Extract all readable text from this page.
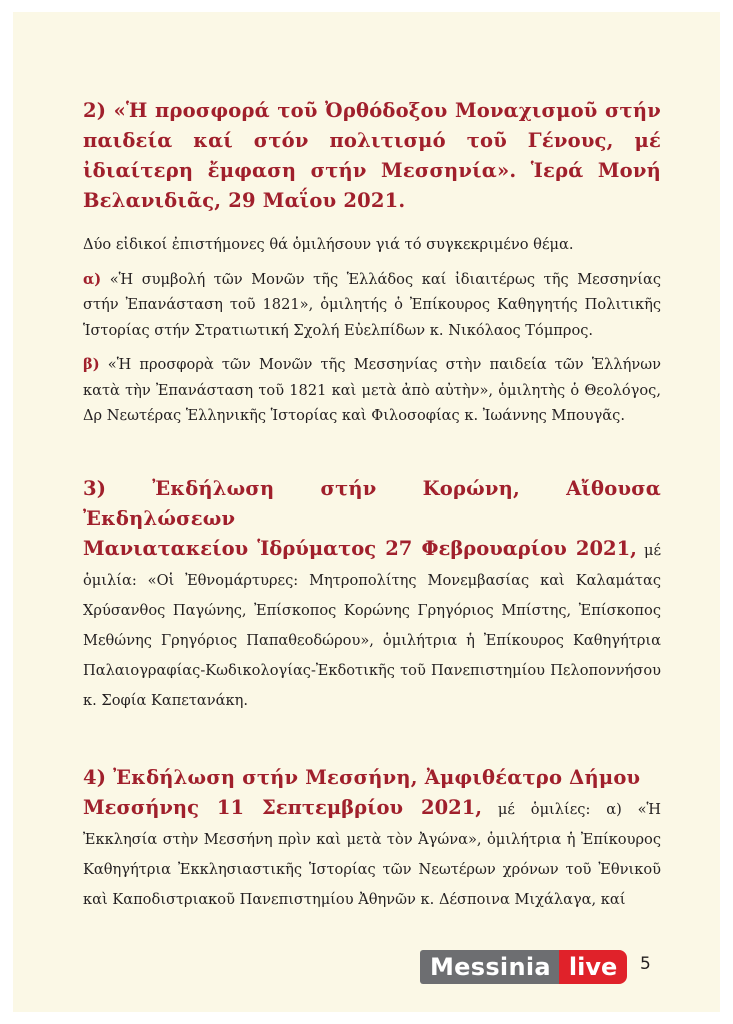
2) «Ἡ προσφορά τοῦ Ὀρθόδοξου Μοναχισμοῦ στήν παιδεία καί στόν πολιτισμό τοῦ Γένους, μέ ἰδιαίτερη ἔμφαση στήν Μεσσηνία». Ἱερά Μονή Βελανιδιᾶς, 29 Μαΐου 2021.

Δύο εἰδικοί ἐπιστήμονες θά ὁμιλήσουν γιά τό συγκεκριμένο θέμα.

α) «Ἡ συμβολή τῶν Μονῶν τῆς Ἑλλάδος καί ἰδιαιτέρως τῆς Μεσσηνίας στήν Ἐπανάσταση τοῦ 1821», ὁμιλητής ὁ Ἐπίκουρος Καθηγητής Πολιτικῆς Ἱστορίας στήν Στρατιωτική Σχολή Εὐελπίδων κ. Νικόλαος Τόμπρος.

β) «Ἡ προσφορὰ τῶν Μονῶν τῆς Μεσσηνίας στὴν παιδεία τῶν Ἑλλήνων κατὰ τὴν Ἐπανάσταση τοῦ 1821 καὶ μετὰ ἀπὸ αὐτὴν», ὁμιλητὴς ὁ Θεολόγος, Δρ Νεωτέρας Ἑλληνικῆς Ἱστορίας καὶ Φιλοσοφίας κ. Ἰωάννης Μπουγᾶς.

3) Ἐκδήλωση στήν Κορώνη, Αἴθουσα Ἐκδηλώσεων

Μανιατακείου Ἱδρύματος 27 Φεβρουαρίου 2021, μέ ὁμιλία: «Οἱ Ἐθνομάρτυρες: Μητροπολίτης Μονεμβασίας καὶ Καλαμάτας Χρύσανθος Παγώνης, Ἐπίσκοπος Κορώνης Γρηγόριος Μπίστης, Ἐπίσκοπος Μεθώνης Γρηγόριος Παπαθεοδώρου», ὁμιλήτρια ἡ Ἐπίκουρος Καθηγήτρια Παλαιογραφίας-Κωδικολογίας-Ἐκδοτικῆς τοῦ Πανεπιστημίου Πελοποννήσου κ. Σοφία Καπετανάκη.

4) Ἐκδήλωση στήν Μεσσήνη, Ἀμφιθέατρο Δήμου

Μεσσήνης 11 Σεπτεμβρίου 2021, μέ ὁμιλίες: α) «Ἡ Ἐκκλησία στὴν Μεσσήνη πρὶν καὶ μετὰ τὸν Ἀγώνα», ὁμιλήτρια ἡ Ἐπίκουρος Καθηγήτρια Ἐκκλησιαστικῆς Ἱστορίας τῶν Νεωτέρων χρόνων τοῦ Ἐθνικοῦ καὶ Καποδιστριακοῦ Πανεπιστημίου Ἀθηνῶν κ. Δέσποινα Μιχάλαγα, καί

Messinia live	5
